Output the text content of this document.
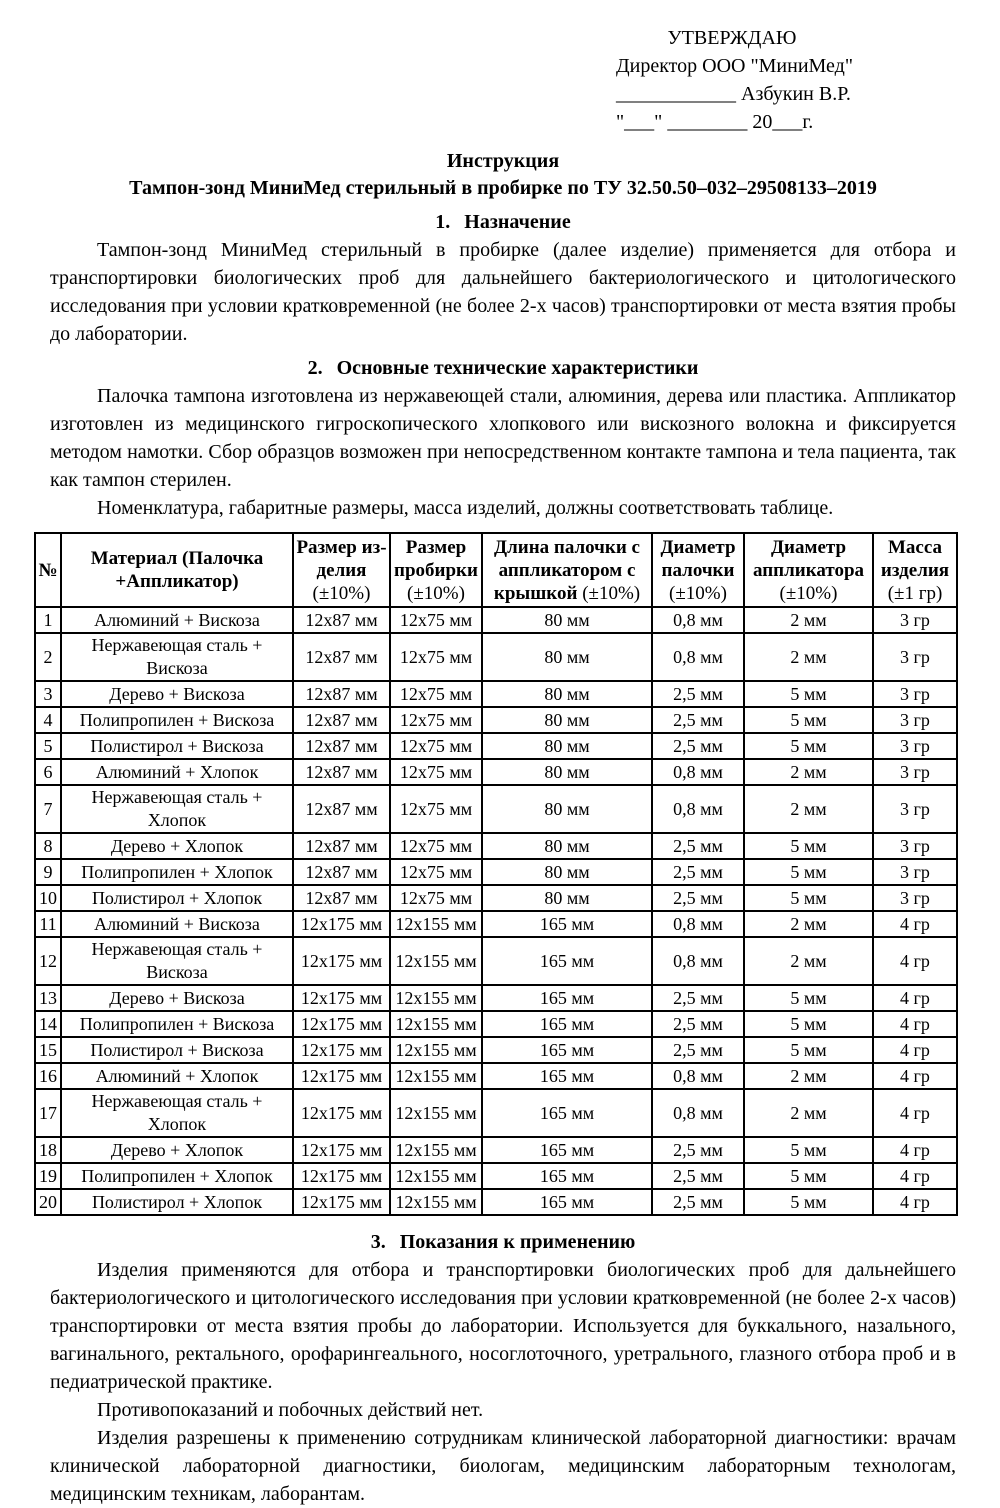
УТВЕРЖДАЮ
Директор ООО "МиниМед"
____________ Азбукин В.Р.
"___" ________ 20___г.
Инструкция
Тампон-зонд МиниМед стерильный в пробирке по ТУ 32.50.50–032–29508133–2019
1. Назначение

Тампон-зонд МиниМед стерильный в пробирке (далее изделие) применяется для отбора и транспортировки биологических проб для дальнейшего бактериологического и цитологического исследования при условии кратковременной (не более 2-х часов) транспортировки от места взятия пробы до лаборатории.

2. Основные технические характеристики

Палочка тампона изготовлена из нержавеющей стали, алюминия, дерева или пластика. Аппликатор изготовлен из медицинского гигроскопического хлопкового или вискозного волокна и фиксируется методом намотки. Сбор образцов возможен при непосредственном контакте тампона и тела пациента, так как тампон стерилен.

Номенклатура, габаритные размеры, масса изделий, должны соответствовать таблице.

№	Материал (Палочка +Аппликатор)	Размер из-делия (±10%)	Размер пробирки (±10%)	Длина палочки с аппликатором с крышкой (±10%)	Диаметр палочки (±10%)	Диаметр аппликатора (±10%)	Масса изделия (±1 гр)
1	Алюминий + Вискоза	12х87 мм	12х75 мм	80 мм	0,8 мм	2 мм	3 гр
2	Нержавеющая сталь + Вискоза	12х87 мм	12х75 мм	80 мм	0,8 мм	2 мм	3 гр
3	Дерево + Вискоза	12х87 мм	12х75 мм	80 мм	2,5 мм	5 мм	3 гр
4	Полипропилен + Вискоза	12х87 мм	12х75 мм	80 мм	2,5 мм	5 мм	3 гр
5	Полистирол + Вискоза	12х87 мм	12х75 мм	80 мм	2,5 мм	5 мм	3 гр
6	Алюминий + Хлопок	12х87 мм	12х75 мм	80 мм	0,8 мм	2 мм	3 гр
7	Нержавеющая сталь + Хлопок	12х87 мм	12х75 мм	80 мм	0,8 мм	2 мм	3 гр
8	Дерево + Хлопок	12х87 мм	12х75 мм	80 мм	2,5 мм	5 мм	3 гр
9	Полипропилен + Хлопок	12х87 мм	12х75 мм	80 мм	2,5 мм	5 мм	3 гр
10	Полистирол + Хлопок	12х87 мм	12х75 мм	80 мм	2,5 мм	5 мм	3 гр
11	Алюминий + Вискоза	12х175 мм	12х155 мм	165 мм	0,8 мм	2 мм	4 гр
12	Нержавеющая сталь + Вискоза	12х175 мм	12х155 мм	165 мм	0,8 мм	2 мм	4 гр
13	Дерево + Вискоза	12х175 мм	12х155 мм	165 мм	2,5 мм	5 мм	4 гр
14	Полипропилен + Вискоза	12х175 мм	12х155 мм	165 мм	2,5 мм	5 мм	4 гр
15	Полистирол + Вискоза	12х175 мм	12х155 мм	165 мм	2,5 мм	5 мм	4 гр
16	Алюминий + Хлопок	12х175 мм	12х155 мм	165 мм	0,8 мм	2 мм	4 гр
17	Нержавеющая сталь + Хлопок	12х175 мм	12х155 мм	165 мм	0,8 мм	2 мм	4 гр
18	Дерево + Хлопок	12х175 мм	12х155 мм	165 мм	2,5 мм	5 мм	4 гр
19	Полипропилен + Хлопок	12х175 мм	12х155 мм	165 мм	2,5 мм	5 мм	4 гр
20	Полистирол + Хлопок	12х175 мм	12х155 мм	165 мм	2,5 мм	5 мм	4 гр
3. Показания к применению

Изделия применяются для отбора и транспортировки биологических проб для дальнейшего бактериологического и цитологического исследования при условии кратковременной (не более 2-х часов) транспортировки от места взятия пробы до лаборатории. Используется для буккального, назального, вагинального, ректального, орофарингеального, носоглоточного, уретрального, глазного отбора проб и в педиатрической практике.

Противопоказаний и побочных действий нет.

Изделия разрешены к применению сотрудникам клинической лабораторной диагностики: врачам клинической лабораторной диагностики, биологам, медицинским лабораторным технологам, медицинским техникам, лаборантам.
